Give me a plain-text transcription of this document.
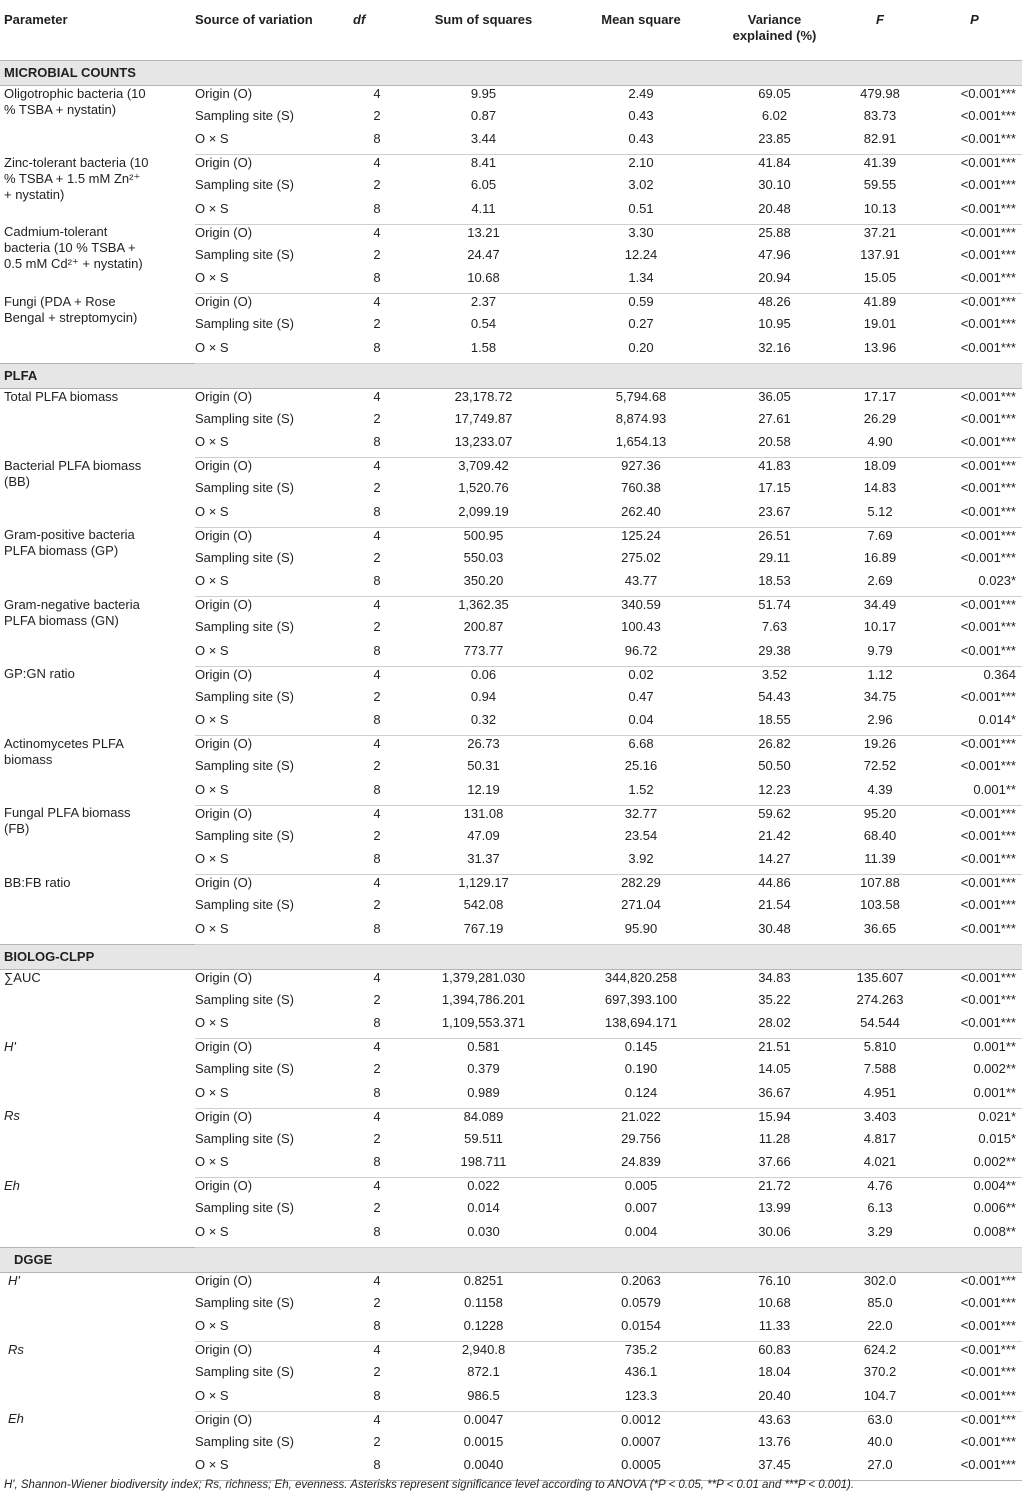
Parameter	Source of variation	df	Sum of squares	Mean square	Variance explained (%)	F	P
MICROBIAL COUNTS							

Oligotrophic bacteria (10
% TSBA + nystatin)	Origin (O)	4	9.95	2.49	69.05	479.98	<0.001***
	Sampling site (S)	2	0.87	0.43	6.02	83.73	<0.001***
	O × S	8	3.44	0.43	23.85	82.91	<0.001***

Zinc-tolerant bacteria (10
% TSBA + 1.5 mM Zn²⁺
+ nystatin)	Origin (O)	4	8.41	2.10	41.84	41.39	<0.001***
	Sampling site (S)	2	6.05	3.02	30.10	59.55	<0.001***
	O × S	8	4.11	0.51	20.48	10.13	<0.001***

Cadmium-tolerant
bacteria (10 % TSBA +
0.5 mM Cd²⁺ + nystatin)	Origin (O)	4	13.21	3.30	25.88	37.21	<0.001***
	Sampling site (S)	2	24.47	12.24	47.96	137.91	<0.001***
	O × S	8	10.68	1.34	20.94	15.05	<0.001***

Fungi (PDA + Rose
Bengal + streptomycin)	Origin (O)	4	2.37	0.59	48.26	41.89	<0.001***
	Sampling site (S)	2	0.54	0.27	10.95	19.01	<0.001***
	O × S	8	1.58	0.20	32.16	13.96	<0.001***
PLFA							

Total PLFA biomass	Origin (O)	4	23,178.72	5,794.68	36.05	17.17	<0.001***
	Sampling site (S)	2	17,749.87	8,874.93	27.61	26.29	<0.001***
	O × S	8	13,233.07	1,654.13	20.58	4.90	<0.001***

Bacterial PLFA biomass
(BB)	Origin (O)	4	3,709.42	927.36	41.83	18.09	<0.001***
	Sampling site (S)	2	1,520.76	760.38	17.15	14.83	<0.001***
	O × S	8	2,099.19	262.40	23.67	5.12	<0.001***

Gram-positive bacteria
PLFA biomass (GP)	Origin (O)	4	500.95	125.24	26.51	7.69	<0.001***
	Sampling site (S)	2	550.03	275.02	29.11	16.89	<0.001***
	O × S	8	350.20	43.77	18.53	2.69	0.023*

Gram-negative bacteria
PLFA biomass (GN)	Origin (O)	4	1,362.35	340.59	51.74	34.49	<0.001***
	Sampling site (S)	2	200.87	100.43	7.63	10.17	<0.001***
	O × S	8	773.77	96.72	29.38	9.79	<0.001***

GP:GN ratio	Origin (O)	4	0.06	0.02	3.52	1.12	0.364
	Sampling site (S)	2	0.94	0.47	54.43	34.75	<0.001***
	O × S	8	0.32	0.04	18.55	2.96	0.014*

Actinomycetes PLFA
biomass	Origin (O)	4	26.73	6.68	26.82	19.26	<0.001***
	Sampling site (S)	2	50.31	25.16	50.50	72.52	<0.001***
	O × S	8	12.19	1.52	12.23	4.39	0.001**

Fungal PLFA biomass
(FB)	Origin (O)	4	131.08	32.77	59.62	95.20	<0.001***
	Sampling site (S)	2	47.09	23.54	21.42	68.40	<0.001***
	O × S	8	31.37	3.92	14.27	11.39	<0.001***

BB:FB ratio	Origin (O)	4	1,129.17	282.29	44.86	107.88	<0.001***
	Sampling site (S)	2	542.08	271.04	21.54	103.58	<0.001***
	O × S	8	767.19	95.90	30.48	36.65	<0.001***
BIOLOG-CLPP							

∑AUC	Origin (O)	4	1,379,281.030	344,820.258	34.83	135.607	<0.001***
	Sampling site (S)	2	1,394,786.201	697,393.100	35.22	274.263	<0.001***
	O × S	8	1,109,553.371	138,694.171	28.02	54.544	<0.001***

H'	Origin (O)	4	0.581	0.145	21.51	5.810	0.001**
	Sampling site (S)	2	0.379	0.190	14.05	7.588	0.002**
	O × S	8	0.989	0.124	36.67	4.951	0.001**

Rs	Origin (O)	4	84.089	21.022	15.94	3.403	0.021*
	Sampling site (S)	2	59.511	29.756	11.28	4.817	0.015*
	O × S	8	198.711	24.839	37.66	4.021	0.002**

Eh	Origin (O)	4	0.022	0.005	21.72	4.76	0.004**
	Sampling site (S)	2	0.014	0.007	13.99	6.13	0.006**
	O × S	8	0.030	0.004	30.06	3.29	0.008**
DGGE							

H'	Origin (O)	4	0.8251	0.2063	76.10	302.0	<0.001***
	Sampling site (S)	2	0.1158	0.0579	10.68	85.0	<0.001***
	O × S	8	0.1228	0.0154	11.33	22.0	<0.001***

Rs	Origin (O)	4	2,940.8	735.2	60.83	624.2	<0.001***
	Sampling site (S)	2	872.1	436.1	18.04	370.2	<0.001***
	O × S	8	986.5	123.3	20.40	104.7	<0.001***

Eh	Origin (O)	4	0.0047	0.0012	43.63	63.0	<0.001***
	Sampling site (S)	2	0.0015	0.0007	13.76	40.0	<0.001***
	O × S	8	0.0040	0.0005	37.45	27.0	<0.001***
H', Shannon-Wiener biodiversity index; Rs, richness; Eh, evenness. Asterisks represent significance level according to ANOVA (*P < 0.05, **P < 0.01 and ***P < 0.001).
